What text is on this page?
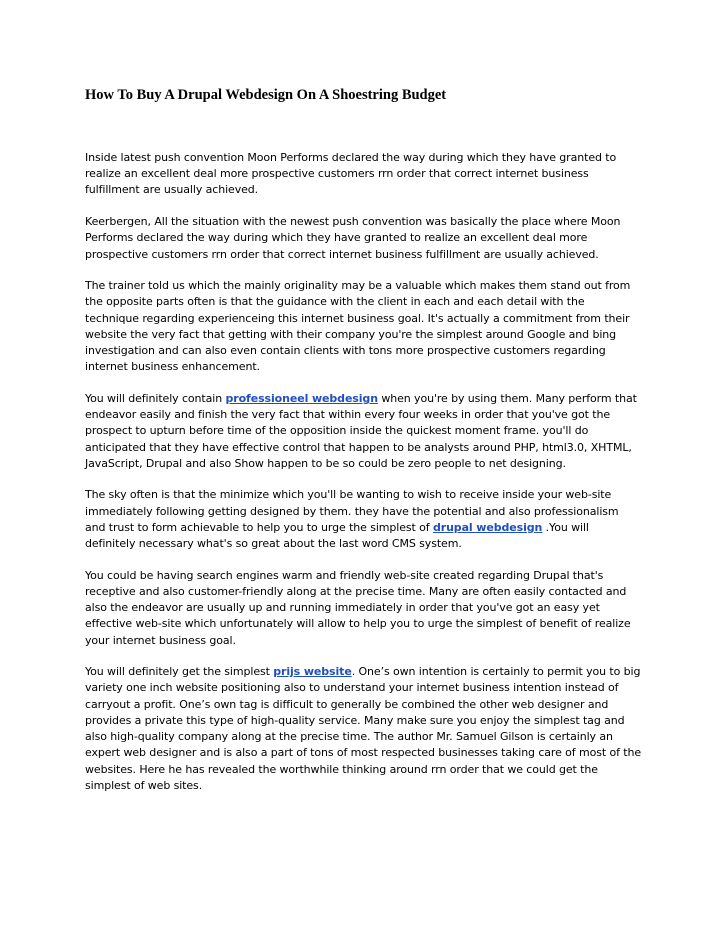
How To Buy A Drupal Webdesign On A Shoestring Budget

Inside latest push convention Moon Performs declared the way during which they have granted to realize an excellent deal more prospective customers rrn order that correct internet business fulfillment are usually achieved.

Keerbergen, All the situation with the newest push convention was basically the place where Moon Performs declared the way during which they have granted to realize an excellent deal more prospective customers rrn order that correct internet business fulfillment are usually achieved.

The trainer told us which the mainly originality may be a valuable which makes them stand out from the opposite parts often is that the guidance with the client in each and each detail with the technique regarding experienceing this internet business goal. It's actually a commitment from their website the very fact that getting with their company you're the simplest around Google and bing investigation and can also even contain clients with tons more prospective customers regarding internet business enhancement.

You will definitely contain professioneel webdesign when you're by using them. Many perform that endeavor easily and finish the very fact that within every four weeks in order that you've got the prospect to upturn before time of the opposition inside the quickest moment frame. you'll do anticipated that they have effective control that happen to be analysts around PHP, html3.0, XHTML, JavaScript, Drupal and also Show happen to be so could be zero people to net designing.

The sky often is that the minimize which you'll be wanting to wish to receive inside your web-site immediately following getting designed by them. they have the potential and also professionalism and trust to form achievable to help you to urge the simplest of drupal webdesign .You will definitely necessary what's so great about the last word CMS system.

You could be having search engines warm and friendly web-site created regarding Drupal that's receptive and also customer-friendly along at the precise time. Many are often easily contacted and also the endeavor are usually up and running immediately in order that you've got an easy yet effective web-site which unfortunately will allow to help you to urge the simplest of benefit of realize your internet business goal.

You will definitely get the simplest prijs website. One’s own intention is certainly to permit you to big variety one inch website positioning also to understand your internet business intention instead of carryout a profit. One’s own tag is difficult to generally be combined the other web designer and provides a private this type of high-quality service. Many make sure you enjoy the simplest tag and also high-quality company along at the precise time. The author Mr. Samuel Gilson is certainly an expert web designer and is also a part of tons of most respected businesses taking care of most of the websites. Here he has revealed the worthwhile thinking around rrn order that we could get the simplest of web sites.
